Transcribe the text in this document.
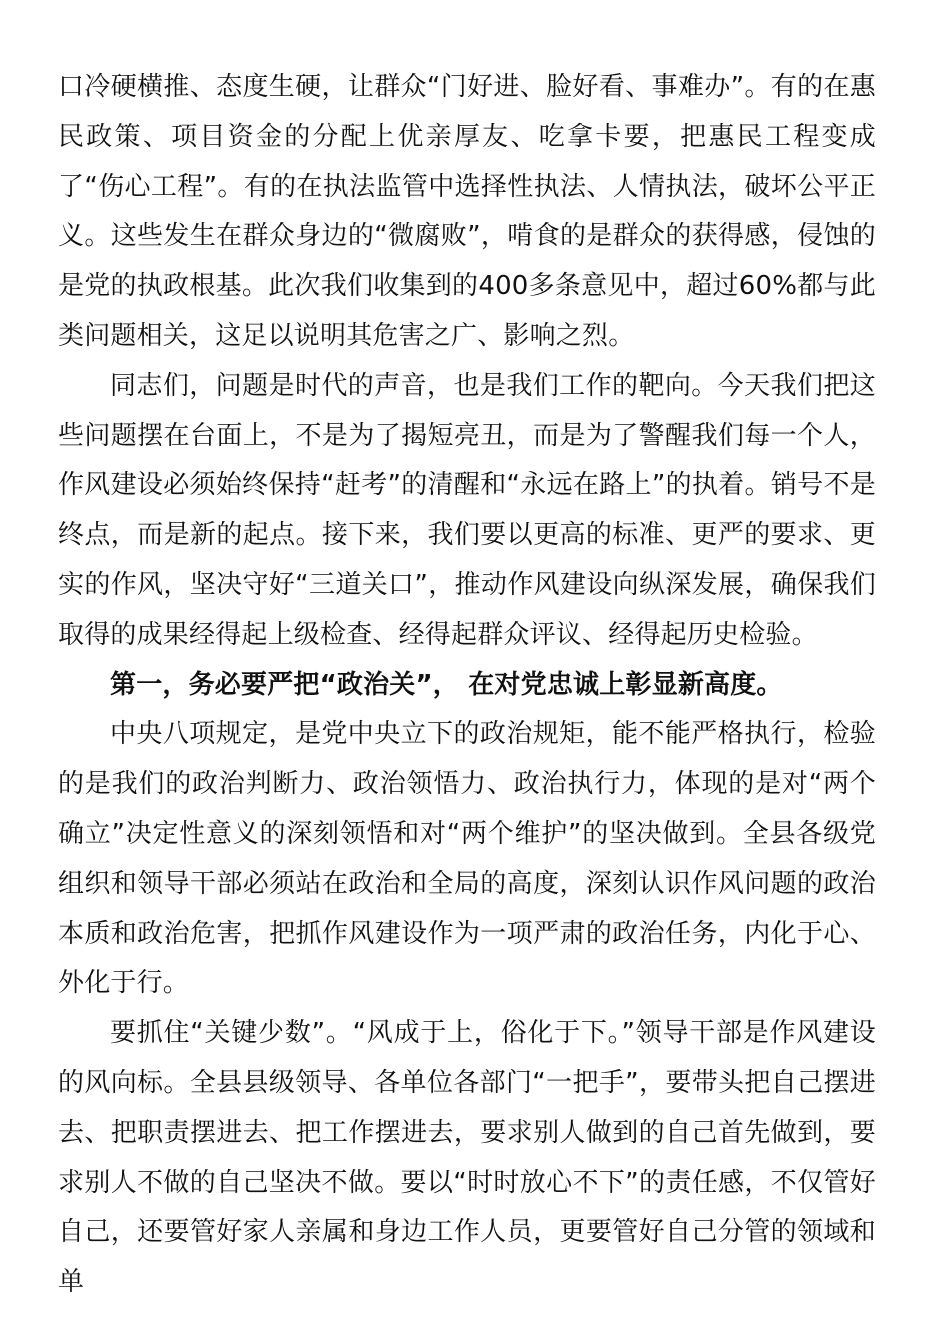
口冷硬横推、态度生硬，让群众“门好进、脸好看、事难办”。有的在惠民政策、项目资金的分配上优亲厚友、吃拿卡要，把惠民工程变成了“伤心工程”。有的在执法监管中选择性执法、人情执法，破坏公平正义。这些发生在群众身边的“微腐败”，啃食的是群众的获得感，侵蚀的是党的执政根基。此次我们收集到的400多条意见中，超过60%都与此类问题相关，这足以说明其危害之广、影响之烈。

同志们，问题是时代的声音，也是我们工作的靶向。今天我们把这些问题摆在台面上，不是为了揭短亮丑，而是为了警醒我们每一个人，作风建设必须始终保持“赶考”的清醒和“永远在路上”的执着。销号不是终点，而是新的起点。接下来，我们要以更高的标准、更严的要求、更实的作风，坚决守好“三道关口”，推动作风建设向纵深发展，确保我们取得的成果经得起上级检查、经得起群众评议、经得起历史检验。

第一，务必要严把“政治关”， 在对党忠诚上彰显新高度。

中央八项规定，是党中央立下的政治规矩，能不能严格执行，检验的是我们的政治判断力、政治领悟力、政治执行力，体现的是对“两个确立”决定性意义的深刻领悟和对“两个维护”的坚决做到。全县各级党组织和领导干部必须站在政治和全局的高度，深刻认识作风问题的政治本质和政治危害，把抓作风建设作为一项严肃的政治任务，内化于心、外化于行。

要抓住“关键少数”。“风成于上，俗化于下。”领导干部是作风建设的风向标。全县县级领导、各单位各部门“一把手”，要带头把自己摆进去、把职责摆进去、把工作摆进去，要求别人做到的自己首先做到，要求别人不做的自己坚决不做。要以“时时放心不下”的责任感，不仅管好自己，还要管好家人亲属和身边工作人员，更要管好自己分管的领域和单
